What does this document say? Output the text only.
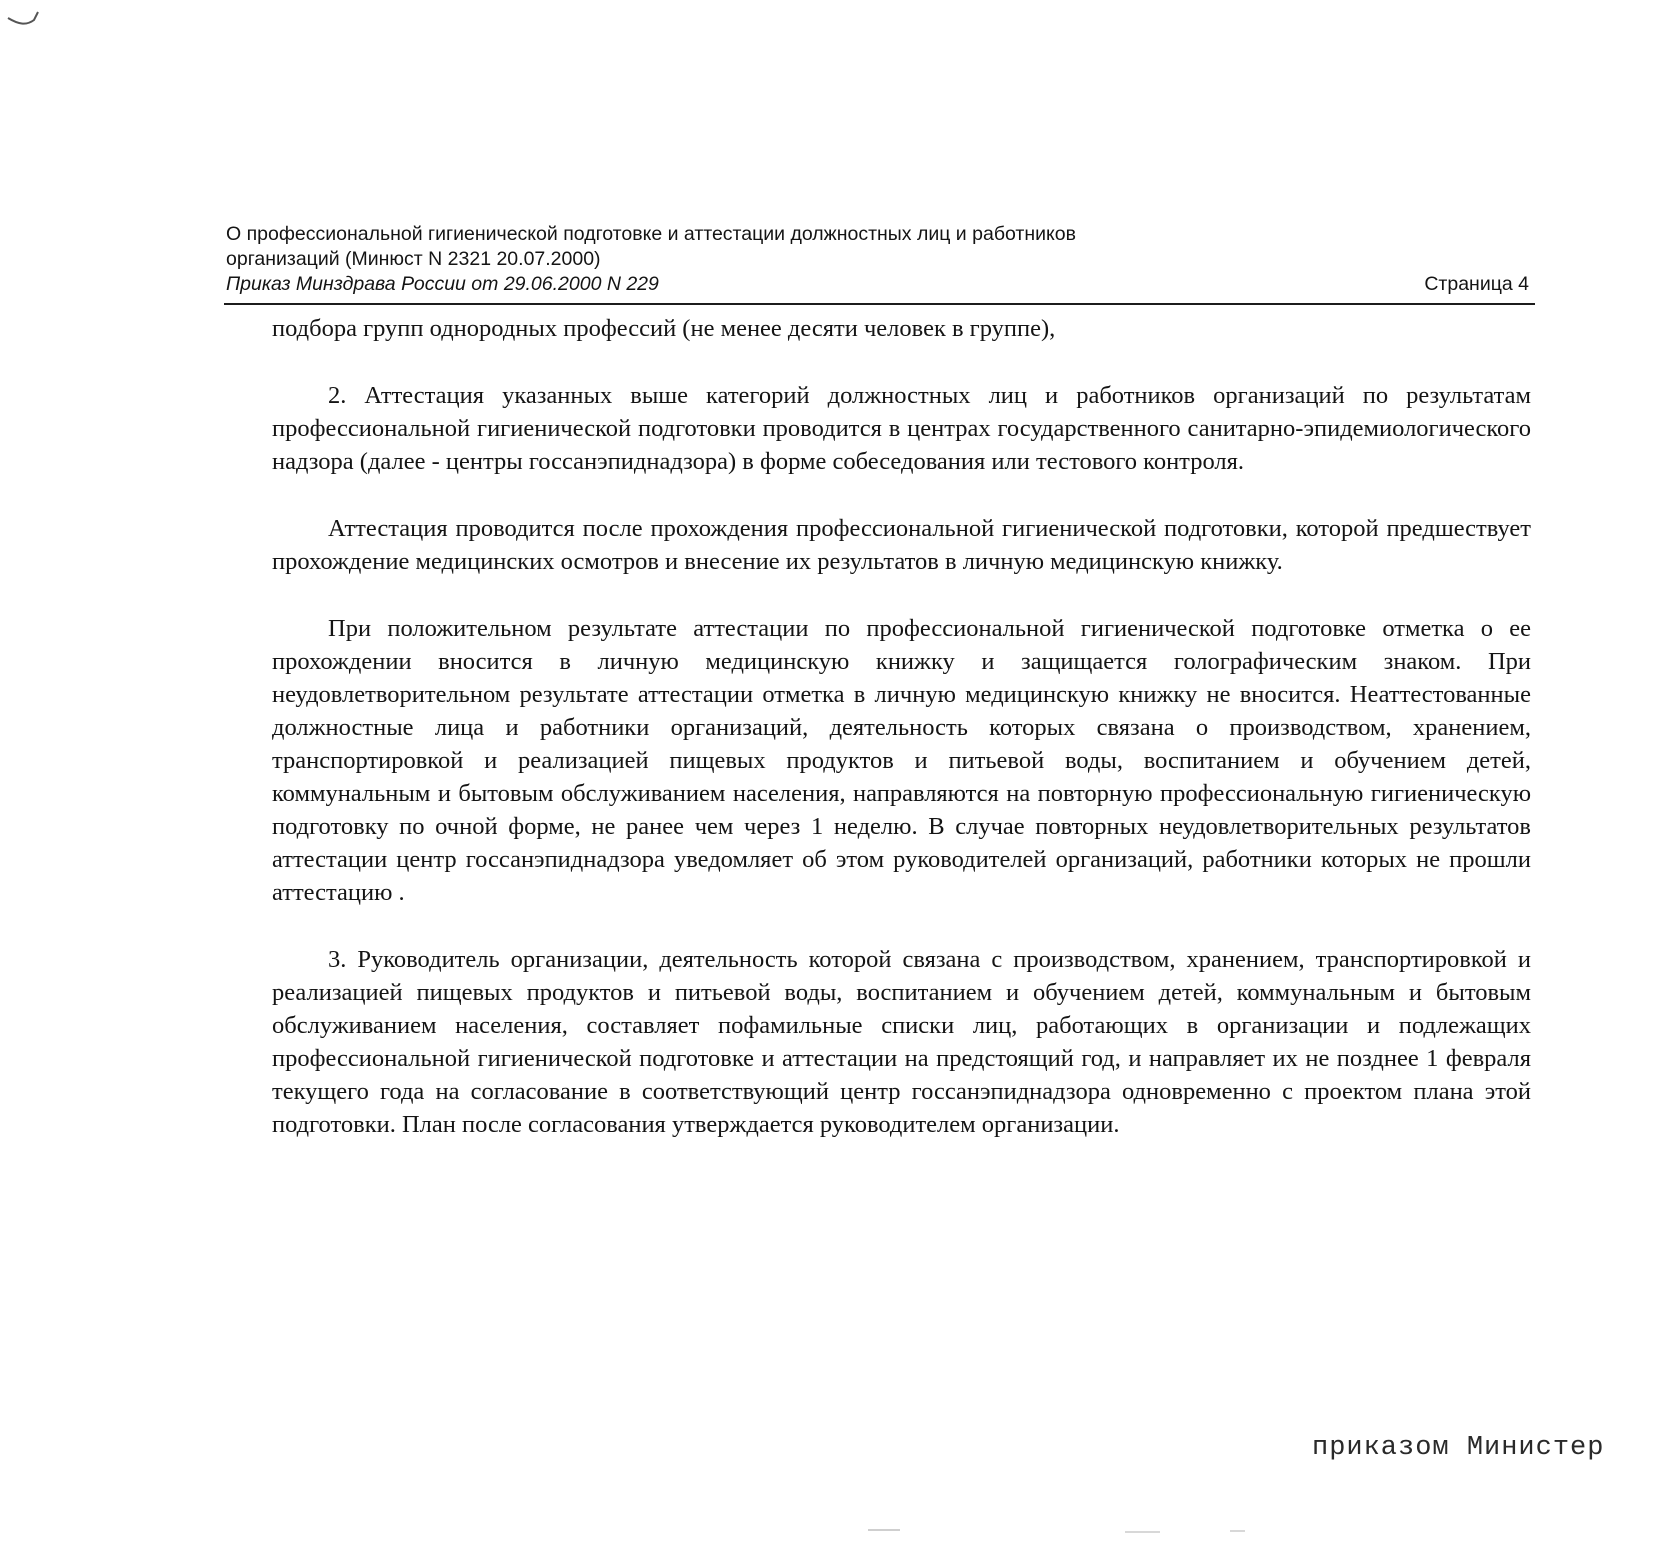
О профессиональной гигиенической подготовке и аттестации должностных лиц и работников
организаций (Минюст N 2321 20.07.2000)
Приказ Минздрава России от 29.06.2000 N 229	Страница 4

подбора групп однородных профессий (не менее десяти человек в группе),

2. Аттестация указанных выше категорий должностных лиц и работников организаций по результатам профессиональной гигиенической подготовки проводится в центрах государственного санитарно-эпидемиологического надзора (далее - центры госсанэпиднадзора) в форме собеседования или тестового контроля.

Аттестация проводится после прохождения профессиональной гигиенической подготовки, которой предшествует прохождение медицинских осмотров и внесение их результатов в личную медицинскую книжку.

При положительном результате аттестации по профессиональной гигиенической подготовке отметка о ее прохождении вносится в личную медицинскую книжку и защищается голографическим знаком. При неудовлетворительном результате аттестации отметка в личную медицинскую книжку не вносится. Неаттестованные должностные лица и работники организаций, деятельность которых связана о производством, хранением, транспортировкой и реализацией пищевых продуктов и питьевой воды, воспитанием и обучением детей, коммунальным и бытовым обслуживанием населения, направляются на повторную профессиональную гигиеническую подготовку по очной форме, не ранее чем через 1 неделю. В случае повторных неудовлетворительных результатов аттестации центр госсанэпиднадзора уведомляет об этом руководителей организаций, работники которых не прошли аттестацию .

3. Руководитель организации, деятельность которой связана с производством, хранением, транспортировкой и реализацией пищевых продуктов и питьевой воды, воспитанием и обучением детей, коммунальным и бытовым обслуживанием населения, составляет пофамильные списки лиц, работающих в организации и подлежащих профессиональной гигиенической подготовке и аттестации на предстоящий год, и направляет их не позднее 1 февраля текущего года на согласование в соответствующий центр госсанэпиднадзора одновременно с проектом плана этой подготовки. План после согласования утверждается руководителем организации.

приказом Министер
